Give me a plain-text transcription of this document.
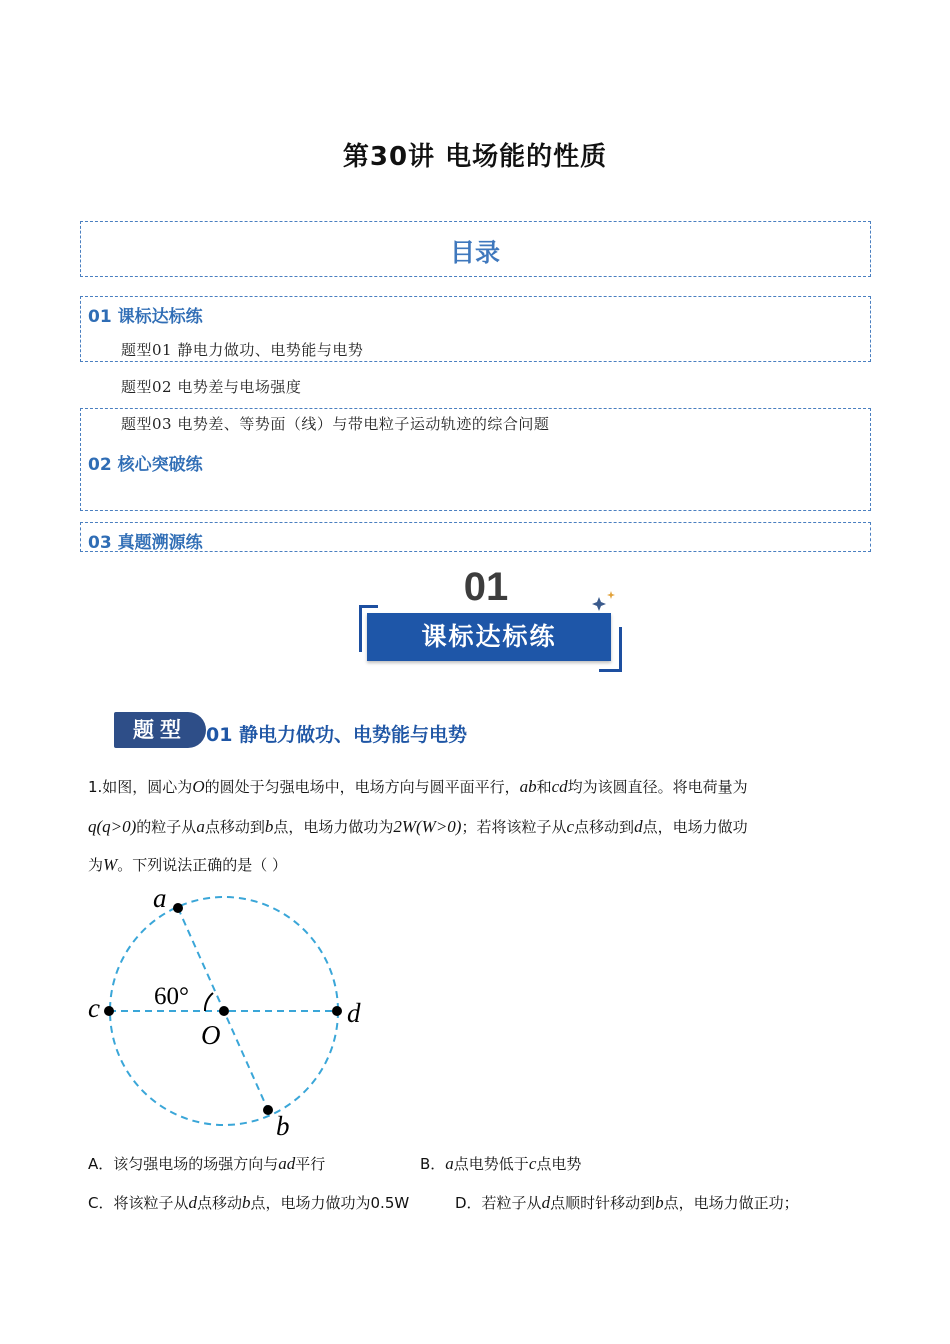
第30讲 电场能的性质
目录
01 课标达标练
题型01 静电力做功、电势能与电势
题型02 电势差与电场强度
题型03 电势差、等势面（线）与带电粒子运动轨迹的综合问题
02 核心突破练
03 真题溯源练
01
课标达标练
题型	01 静电力做功、电势能与电势
1.如图，圆心为O的圆处于匀强电场中，电场方向与圆平面平行，ab和cd均为该圆直径。将电荷量为
q(q>0)的粒子从a点移动到b点，电场力做功为2W(W>0)；若将该粒子从c点移动到d点，电场力做功
为W。下列说法正确的是（ ）
a
b
c	d
O
60°
A．该匀强电场的场强方向与ad平行	B．a点电势低于c点电势
C．将该粒子从d点移动b点，电场力做功为0.5W	D．若粒子从d点顺时针移动到b点，电场力做正功；
